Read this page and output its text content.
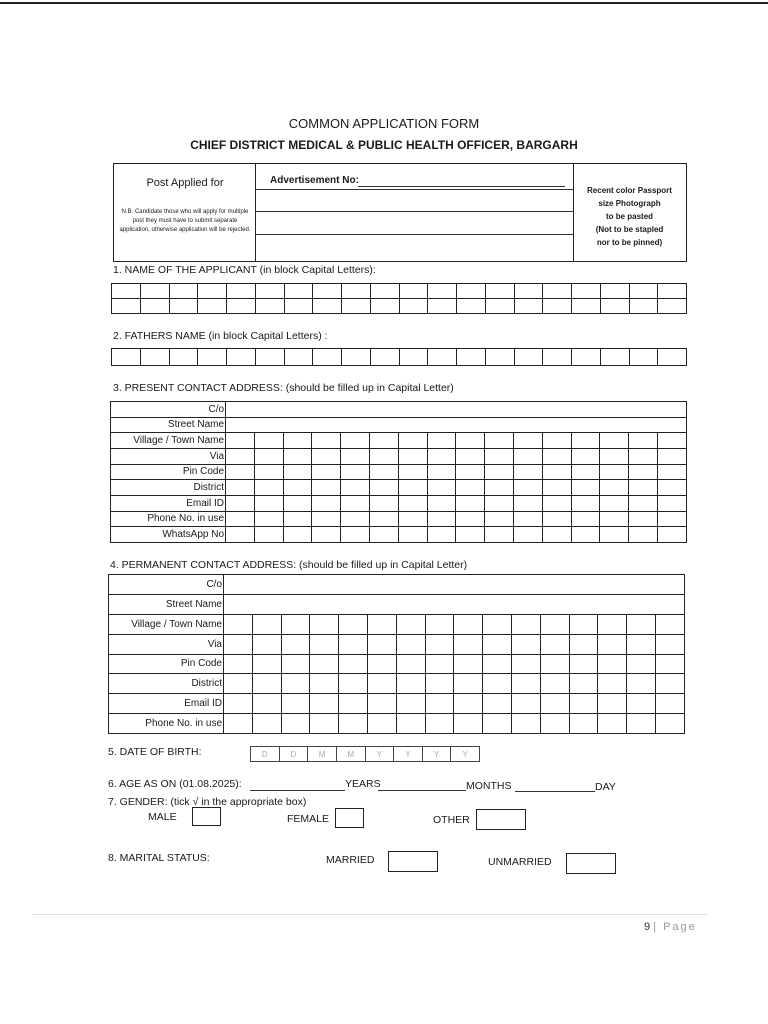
COMMON APPLICATION FORM
CHIEF DISTRICT MEDICAL & PUBLIC HEALTH OFFICER, BARGARH
Post Applied for
N.B. Candidate those who will apply for multiple post they must have to submit separate application, otherwise application will be rejected.
Advertisement No:
Recent color Passport
size Photograph
to be pasted
(Not to be stapled
nor to be pinned)
1. NAME OF THE APPLICANT (in block Capital Letters):

2. FATHERS NAME (in block Capital Letters) :

3. PRESENT CONTACT ADDRESS: (should be filled up in Capital Letter)
C/o																
Street Name																
Village / Town Name																
Via																
Pin Code																
District																
Email ID																
Phone No. in use																
WhatsApp No																
4. PERMANENT CONTACT ADDRESS: (should be filled up in Capital Letter)
C/o																
Street Name																
Village / Town Name																
Via																
Pin Code																
District																
Email ID																
Phone No. in use																
5. DATE OF BIRTH:	D	D	M	M	Y	Y	Y	Y
6. AGE AS ON (01.08.2025):	YEARS	MONTHS	DAY
7. GENDER: (tick √ in the appropriate box)
MALE	FEMALE	OTHER
8. MARITAL STATUS:	MARRIED	UNMARRIED
9 | Page
